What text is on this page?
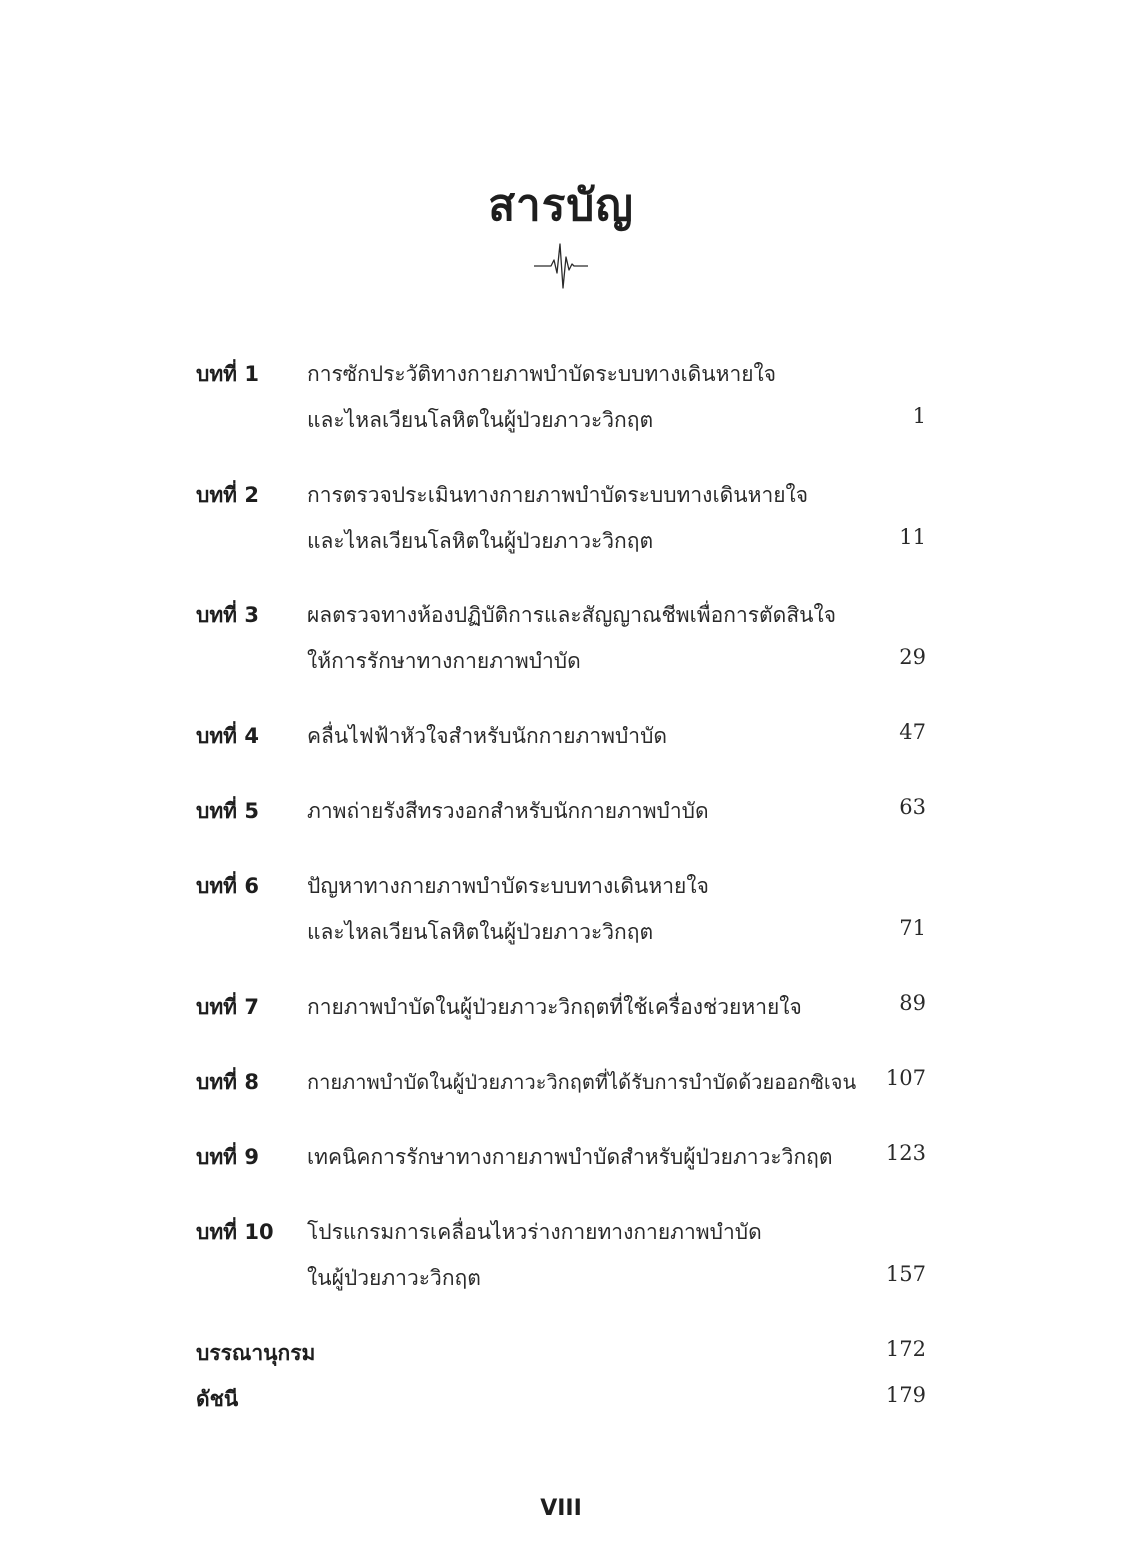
สารบัญ
บทที่ 1 การซักประวัติทางกายภาพบำบัดระบบทางเดินหายใจ
และไหลเวียนโลหิตในผู้ป่วยภาวะวิกฤต	1
บทที่ 2 การตรวจประเมินทางกายภาพบำบัดระบบทางเดินหายใจ
และไหลเวียนโลหิตในผู้ป่วยภาวะวิกฤต	11
บทที่ 3 ผลตรวจทางห้องปฏิบัติการและสัญญาณชีพเพื่อการตัดสินใจ
ให้การรักษาทางกายภาพบำบัด	29
บทที่ 4 คลื่นไฟฟ้าหัวใจสำหรับนักกายภาพบำบัด	47
บทที่ 5 ภาพถ่ายรังสีทรวงอกสำหรับนักกายภาพบำบัด	63
บทที่ 6 ปัญหาทางกายภาพบำบัดระบบทางเดินหายใจ
และไหลเวียนโลหิตในผู้ป่วยภาวะวิกฤต	71
บทที่ 7 กายภาพบำบัดในผู้ป่วยภาวะวิกฤตที่ใช้เครื่องช่วยหายใจ	89
บทที่ 8 กายภาพบำบัดในผู้ป่วยภาวะวิกฤตที่ได้รับการบำบัดด้วยออกซิเจน 107
บทที่ 9 เทคนิคการรักษาทางกายภาพบำบัดสำหรับผู้ป่วยภาวะวิกฤต	123
บทที่ 10 โปรแกรมการเคลื่อนไหวร่างกายทางกายภาพบำบัด
ในผู้ป่วยภาวะวิกฤต	157
บรรณานุกรม	172
ดัชนี	179
VIII
